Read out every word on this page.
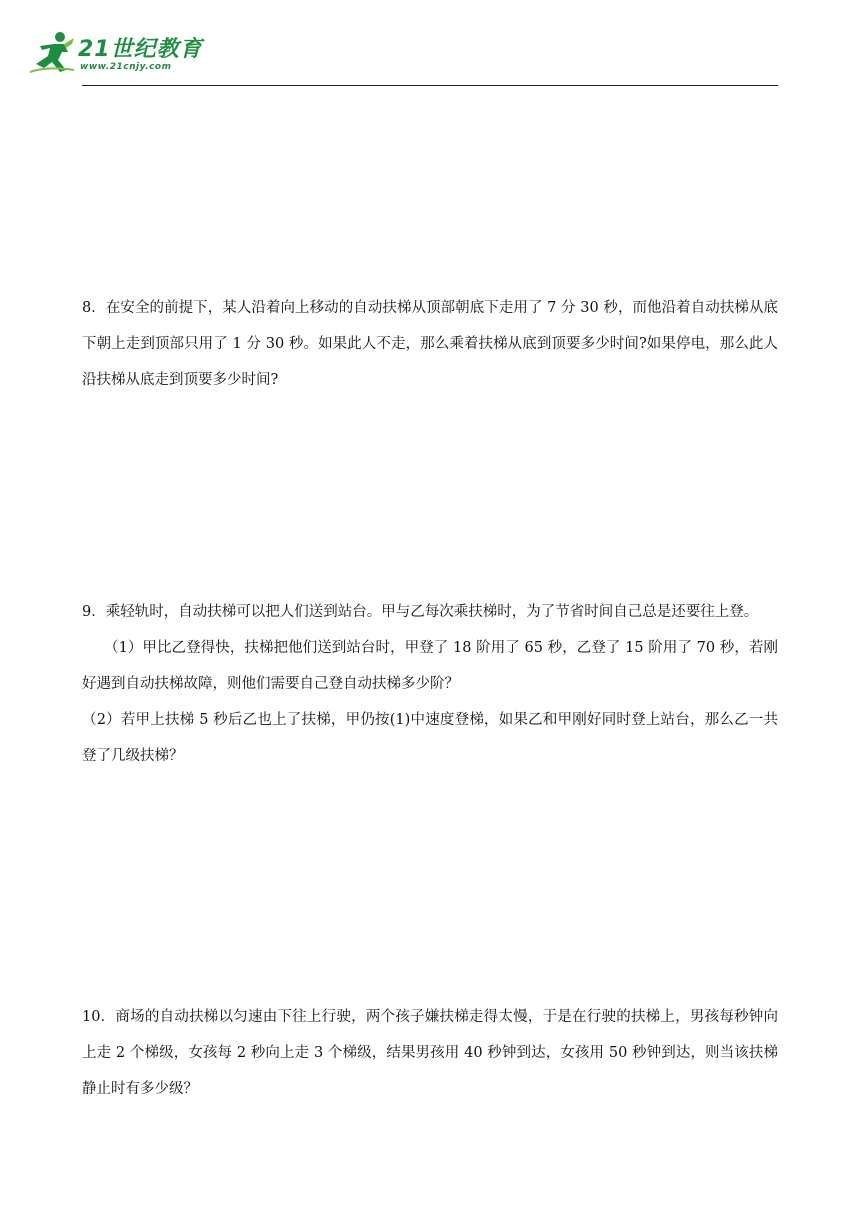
21世纪教育
www.21cnjy.com
8．在安全的前提下，某人沿着向上移动的自动扶梯从顶部朝底下走用了 7 分 30 秒，而他沿着自动扶梯从底下朝上走到顶部只用了 1 分 30 秒。如果此人不走，那么乘着扶梯从底到顶要多少时间?如果停电，那么此人沿扶梯从底走到顶要多少时间?
9．乘轻轨时，自动扶梯可以把人们送到站台。甲与乙每次乘扶梯时，为了节省时间自己总是还要往上登。
（1）甲比乙登得快，扶梯把他们送到站台时，甲登了 18 阶用了 65 秒，乙登了 15 阶用了 70 秒，若刚好遇到自动扶梯故障，则他们需要自己登自动扶梯多少阶？
（2）若甲上扶梯 5 秒后乙也上了扶梯，甲仍按(1)中速度登梯，如果乙和甲刚好同时登上站台，那么乙一共登了几级扶梯？
10．商场的自动扶梯以匀速由下往上行驶，两个孩子嫌扶梯走得太慢，于是在行驶的扶梯上，男孩每秒钟向上走 2 个梯级，女孩每 2 秒向上走 3 个梯级，结果男孩用 40 秒钟到达，女孩用 50 秒钟到达，则当该扶梯静止时有多少级？
